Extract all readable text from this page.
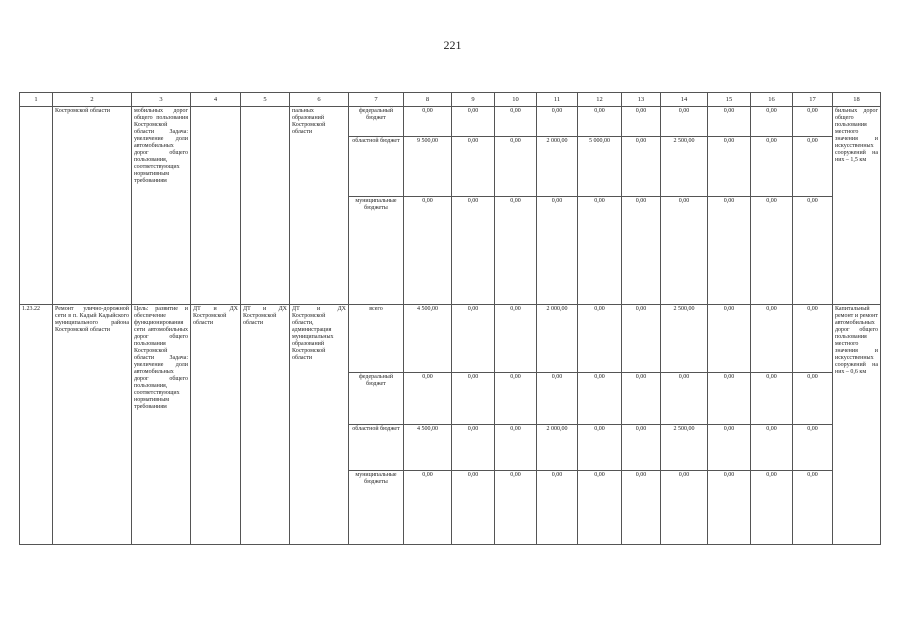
221
1	2	3	4	5	6	7	8	9	10	11	12	13	14	15	16	17	18
	Костромской области	мобильных дорог общего пользования Костромской области Задача: увеличение доли автомобильных дорог общего пользования, соответствующих нормативным требованиям			пальных образований Костромской области	федеральный бюджет	0,00	0,00	0,00	0,00	0,00	0,00	0,00	0,00	0,00	0,00	бильных дорог общего пользования местного значения и искусственных сооружений на них – 1,5 км
						областной бюджет	9 500,00	0,00	0,00	2 000,00	5 000,00	0,00	2 500,00	0,00	0,00	0,00	
						муниципальные бюджеты	0,00	0,00	0,00	0,00	0,00	0,00	0,00	0,00	0,00	0,00	
1.23.22	Ремонт улично-дорожной сети в п. Кадый Кадыйского муниципального района Костромской области	Цель: развитие и обеспечение функционирования сети автомобильных дорог общего пользования Костромской области Задача: увеличение доли автомобильных дорог общего пользования, соответствующих нормативным требованиям	ДТ и ДХ Костромской области	ДТ и ДХ Костромской области	ДТ и ДХ Костромской области, администрация муниципальных образований Костромской области	всего	4 500,00	0,00	0,00	2 000,00	0,00	0,00	2 500,00	0,00	0,00	0,00	Капитальный ремонт и ремонт автомобильных дорог общего пользования местного значения и искусственных сооружений на них – 0,6 км
						федеральный бюджет	0,00	0,00	0,00	0,00	0,00	0,00	0,00	0,00	0,00	0,00	
						областной бюджет	4 500,00	0,00	0,00	2 000,00	0,00	0,00	2 500,00	0,00	0,00	0,00	
						муниципальные бюджеты	0,00	0,00	0,00	0,00	0,00	0,00	0,00	0,00	0,00	0,00	
